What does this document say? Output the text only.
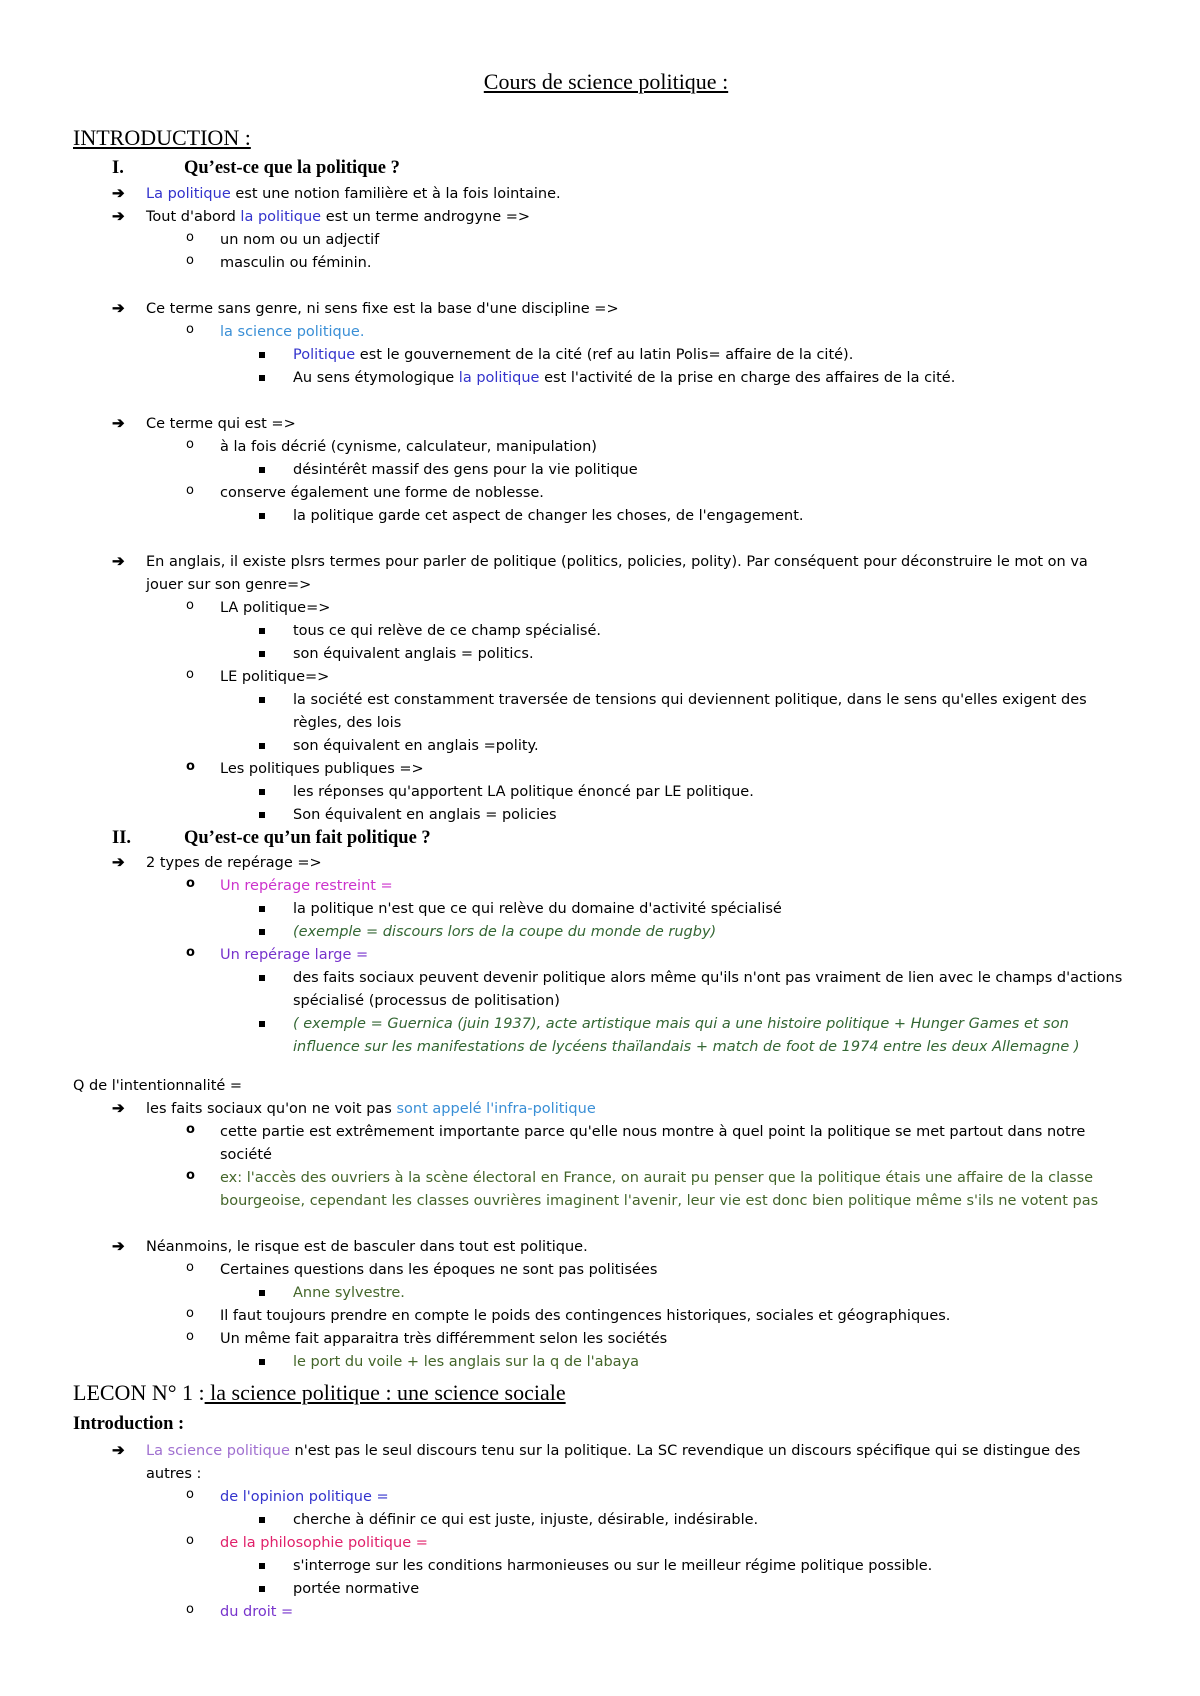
Cours de science politique :
INTRODUCTION :
I.	Qu’est-ce que la politique ?
➔ La politique est une notion familière et à la fois lointaine.
➔ Tout d'abord la politique est un terme androgyne =>
o un nom ou un adjectif
o masculin ou féminin.
➔ Ce terme sans genre, ni sens fixe est la base d'une discipline =>
o la science politique.
Politique est le gouvernement de la cité (ref au latin Polis= affaire de la cité).
Au sens étymologique la politique est l'activité de la prise en charge des affaires de la cité.
➔ Ce terme qui est =>
o à la fois décrié (cynisme, calculateur, manipulation)
désintérêt massif des gens pour la vie politique
o conserve également une forme de noblesse.
la politique garde cet aspect de changer les choses, de l'engagement.
➔ En anglais, il existe plsrs termes pour parler de politique (politics, policies, polity). Par conséquent pour déconstruire le mot on va
jouer sur son genre=>
o LA politique=>
tous ce qui relève de ce champ spécialisé.
son équivalent anglais = politics.
o LE politique=>
la société est constamment traversée de tensions qui deviennent politique, dans le sens qu'elles exigent des
règles, des lois
son équivalent en anglais =polity.
o Les politiques publiques =>
les réponses qu'apportent LA politique énoncé par LE politique.
Son équivalent en anglais = policies
II.	Qu’est-ce qu’un fait politique ?
➔ 2 types de repérage =>
o Un repérage restreint =
la politique n'est que ce qui relève du domaine d'activité spécialisé
(exemple = discours lors de la coupe du monde de rugby)
o Un repérage large =
des faits sociaux peuvent devenir politique alors même qu'ils n'ont pas vraiment de lien avec le champs d'actions
spécialisé (processus de politisation)
( exemple = Guernica (juin 1937), acte artistique mais qui a une histoire politique + Hunger Games et son
influence sur les manifestations de lycéens thaïlandais + match de foot de 1974 entre les deux Allemagne )
Q de l'intentionnalité =
➔ les faits sociaux qu'on ne voit pas sont appelé l'infra-politique
o cette partie est extrêmement importante parce qu'elle nous montre à quel point la politique se met partout dans notre
société
o ex: l'accès des ouvriers à la scène électoral en France, on aurait pu penser que la politique étais une affaire de la classe
bourgeoise, cependant les classes ouvrières imaginent l'avenir, leur vie est donc bien politique même s'ils ne votent pas
➔ Néanmoins, le risque est de basculer dans tout est politique.
o Certaines questions dans les époques ne sont pas politisées
Anne sylvestre.
o Il faut toujours prendre en compte le poids des contingences historiques, sociales et géographiques.
o Un même fait apparaitra très différemment selon les sociétés
le port du voile + les anglais sur la q de l'abaya
LECON N° 1 : la science politique : une science sociale
Introduction :
➔ La science politique n'est pas le seul discours tenu sur la politique. La SC revendique un discours spécifique qui se distingue des
autres :
o de l'opinion politique =
cherche à définir ce qui est juste, injuste, désirable, indésirable.
o de la philosophie politique =
s'interroge sur les conditions harmonieuses ou sur le meilleur régime politique possible.
portée normative
o du droit =
